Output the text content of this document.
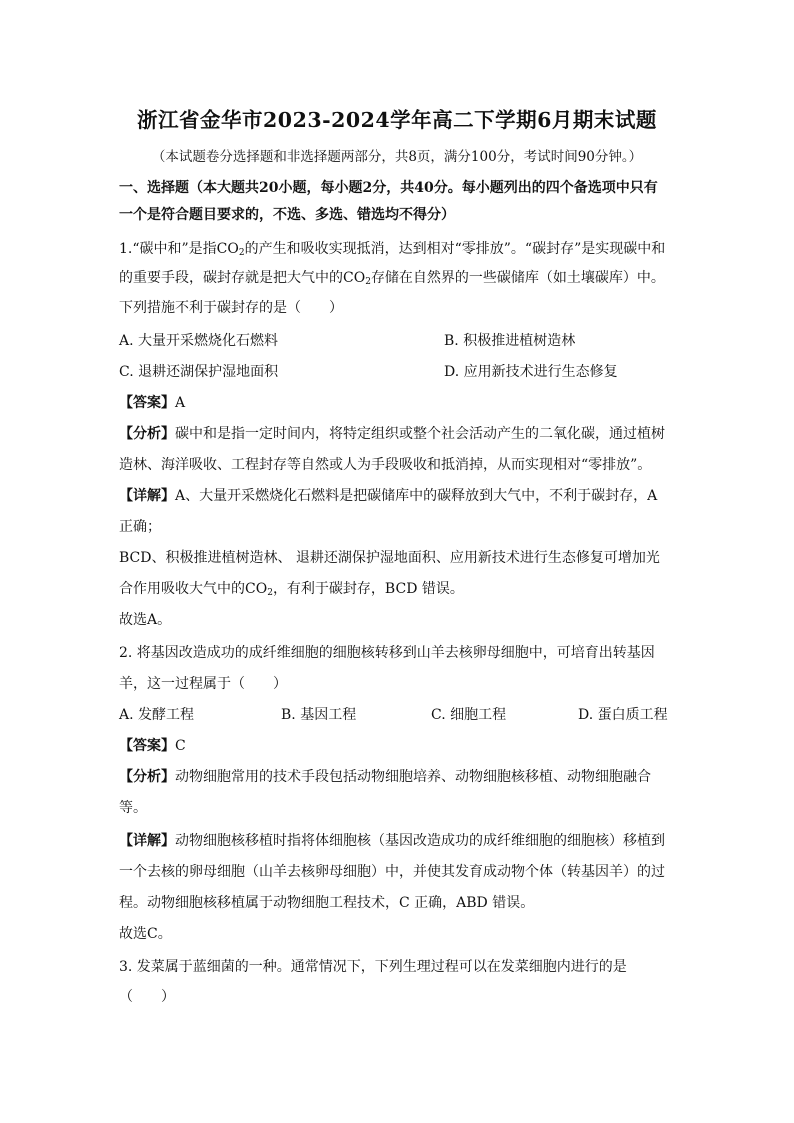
浙江省金华市2023-2024学年高二下学期6月期末试题
（本试题卷分选择题和非选择题两部分，共8页，满分100分，考试时间90分钟。）
一、选择题（本大题共20小题，每小题2分，共40分。每小题列出的四个备选项中只有
一个是符合题目要求的，不选、多选、错选均不得分）
1.“碳中和”是指$CO_2$的产生和吸收实现抵消，达到相对“零排放”。“碳封存”是实现碳中和
的重要手段，碳封存就是把大气中的$CO_2$存储在自然界的一些碳储库（如土壤碳库）中。
下列措施不利于碳封存的是（　　）
A. 大量开采燃烧化石燃料	B. 积极推进植树造林
C. 退耕还湖保护湿地面积	D. 应用新技术进行生态修复
【答案】A
【分析】碳中和是指一定时间内，将特定组织或整个社会活动产生的二氧化碳，通过植树
造林、海洋吸收、工程封存等自然或人为手段吸收和抵消掉，从而实现相对“零排放”。
【详解】A、大量开采燃烧化石燃料是把碳储库中的碳释放到大气中，不利于碳封存，A
正确；
BCD、积极推进植树造林、 退耕还湖保护湿地面积、应用新技术进行生态修复可增加光
合作用吸收大气中的$CO_2$，有利于碳封存，BCD 错误。
故选A。
2. 将基因改造成功的成纤维细胞的细胞核转移到山羊去核卵母细胞中，可培育出转基因
羊，这一过程属于（　　）
A. 发酵工程	B. 基因工程	C. 细胞工程	D. 蛋白质工程
【答案】C
【分析】动物细胞常用的技术手段包括动物细胞培养、动物细胞核移植、动物细胞融合
等。
【详解】动物细胞核移植时指将体细胞核（基因改造成功的成纤维细胞的细胞核）移植到
一个去核的卵母细胞（山羊去核卵母细胞）中，并使其发育成动物个体（转基因羊）的过
程。动物细胞核移植属于动物细胞工程技术，C 正确，ABD 错误。
故选C。
3. 发菜属于蓝细菌的一种。通常情况下，下列生理过程可以在发菜细胞内进行的是
（　　）
